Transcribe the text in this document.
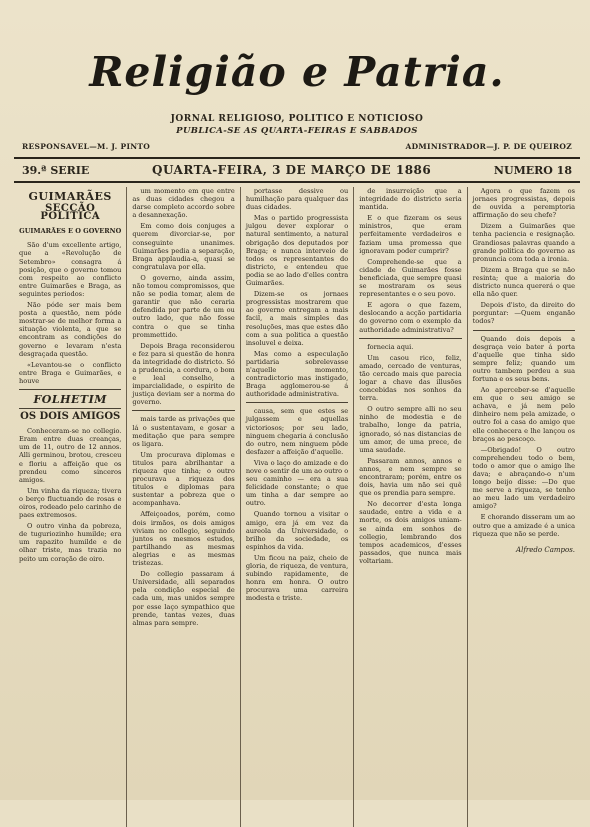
Religião e Patria.
JORNAL RELIGIOSO, POLITICO E NOTICIOSO
PUBLICA-SE AS QUARTA-FEIRAS E SABBADOS
RESPONSAVEL—M. J. PINTO	ADMINISTRADOR—J. P. DE QUEIROZ
39.ª SERIE	QUARTA-FEIRA, 3 DE MARÇO DE 1886	NUMERO 18
GUIMARÃES
SECÇÃO POLITICA
GUIMARÃES E O GOVERNO

São d'um excellente artigo, que a «Revolução de Setembro» consagra á posição, que o governo tomou com respeito ao conflicto entre Guimarães e Braga, as seguintes periodos:

Não póde ser mais bem posta a questão, nem póde mostrar-se de melhor forma a situação violenta, a que se encontram as condições do governo e levaram n'esta desgraçada questão.

«Levantou-se o conflicto entre Braga e Guimarães, e houve

FOLHETIM
OS DOIS AMIGOS

Conheceram-se no collegio. Eram entre duas creanças, um de 11, outro de 12 annos. Alli germinou, brotou, cresceu e floriu a affeição que os prendeu como sinceros amigos.

Um vinha da riqueza; tivera o berço fluctuando de rosas e oiros, rodeado pelo carinho de paes extremosos.

O outro vinha da pobreza, de tuguriozinho humilde; era um rapazito humilde e de olhar triste, mas trazia no peito um coração de oiro.

um momento em que entre as duas cidades chegou a darse completo accordo sobre a desannexação.

Em como dois conjuges a querem divorciar-se, por conseguinte unanimes. Guimarães pedia a separação, Braga applaudia-a, quasi se congratulava por ella.

O governo, ainda assim, não tomou compromissos, que não se podia tomar, alem de garantir que não ceraria defendida por parte de um ou outro lado, que não fosse contra o que se tinha prommettido.

Depois Braga reconsiderou e fez para si questão de honra da integridade do districto. Só a prudencia, a cordura, o bom e leal conselho, a imparcialidade, o espirito de justiça deviam ser a norma do governo.

mais tarde as privações que lá o sustentavam, e gosar a meditação que para sempre os ligara.

Um procurava diplomas e titulos para abrilhantar a riqueza que tinha; o outro procurava a riqueza dos titulos e diplomas para sustentar a pobreza que o acompanhava.

Affeiçoados, porém, como dois irmãos, os dois amigos viviam no collegio, seguindo juntos os mesmos estudos, partilhando as mesmas alegrias e as mesmas tristezas.

Do collegio passaram á Universidade, alli separados pela condição especial de cada um, mas unidos sempre por esse laço sympathico que prende, tantas vezes, duas almas para sempre.

portasse dessive ou humilhação para qualquer das duas cidades.

Mas o partido progressista julgou dever explorar o natural sentimento, a natural obrigação dos deputados por Braga; e nunca interveio de todos os representantes do districto, e entendeu que podia se ao lado d'elles contra Guimarães.

Dizem-se os jornaes progressistas mostrarem que ao governo entregam a mais facil, a mais simples das resoluções, mas que estes dão com a sua politica a questão insoluvel e deixa.

Mas como a especulação partidaria sobrelevasse n'aquelle momento, contradictorio mas instigado, Braga agglomerou-se á authoridade administrativa.

causa, sem que estes se julgassem e aquellas victoriosos; por seu lado, ninguem chegaria á conclusão do outro, nem ninguem pôde desfazer a affeição d'aquelle.

Viva o laço do amizade e do nove o sentir de um ao outro o seu caminho — era a sua felicidade constante; o que um tinha a dar sempre ao outro.

Quando tornou a visitar o amigo, era já em vez da aureola da Universidade, o brilho da sociedade, os espinhos da vida.

Um ficou na paiz, cheio de gloria, de riqueza, de ventura, subindo rapidamente, de honra em honra. O outro procurava uma carreira modesta e triste.

de insurreição que a integridade do districto seria mantida.

E o que fizeram os seus ministros, que eram perfeitamente verdadeiros e faziam uma promessa que ignoravam poder cumprir?

Comprehende-se que a cidade de Guimarães fosse beneficiada, que sempre quasi se mostraram os seus representantes e o seu povo.

E agora o que fazem, deslocando a acção partidaria do governo com o exemplo da authoridade administrativa?

fornecia aqui.

Um casou rico, feliz, amado, cercado de venturas, tão cercado mais que parecia logar a chave das illusões concebidas nos sonhos da terra.

O outro sempre alli no seu ninho de modestia e de trabalho, longe da patria, ignorado, só nas distancias de um amor, de uma prece, de uma saudade.

Passaram annos, annos e annos, e nem sempre se encontraram; porém, entre os dois, havia um não sei quê que os prendia para sempre.

No decorrer d'esta longa saudade, entre a vida e a morte, os dois amigos uniam-se ainda em sonhos de collegio, lembrando dos tempos academicos, d'esses passados, que nunca mais voltariam.

Agora o que fazem os jornaes progressistas, depois de ouvida a peremptoria affirmação do seu chefe?

Dizem a Guimarães que tenha paciencia e resignação. Grandiosas palavras quando a grande politica do governo as pronuncia com toda a ironia.

Dizem a Braga que se não resinta; que a maioria do districto nunca quererá o que ella não quer.

Depois d'isto, da direito do porguntar: —Quem enganão todos?

Quando dois depois a desgraça veio bater á porta d'aquelle que tinha sido sempre feliz; quando um outro tambem perdeu a sua fortuna e os seus bens.

Ao aperceber-se d'aquelle em que o seu amigo se achava, e já nem pelo dinheiro nem pela amizade, o outro foi a casa do amigo que elle conhecera e lhe lançou os braços ao pescoço.

—Obrigado! O outro comprehendeu todo o bem, todo o amor que o amigo lhe dava; e abraçando-o n'um longo beijo disse: —Do que me serve a riqueza, se tenho ao meu lado um verdadeiro amigo?

E chorando disseram um ao outro que a amizade é a unica riqueza que não se perde.

Alfredo Campos.
